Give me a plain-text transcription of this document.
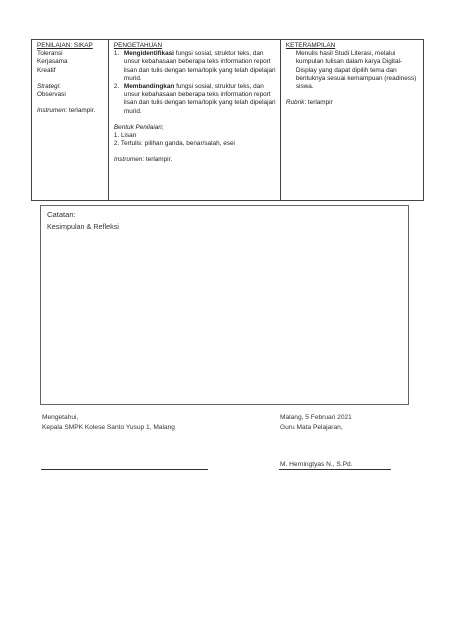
PENILAIAN: SIKAP
Toleransi
Kerjasama
Kreatif
Strategi:
Observasi
Instrumen: terlampir.

PENGETAHUAN
1. Mengidentifikasi fungsi sosial, struktur teks, dan unsur kebahasaan beberapa teks information report lisan dan tulis dengan tema/topik yang telah dipelajari murid.
2. Membandingkan fungsi sosial, struktur teks, dan unsur kebahasaan beberapa teks information report lisan dan tulis dengan tema/topik yang telah dipelajari murid.
Bentuk Penilaian;
1. Lisan
2. Tertulis: pilihan ganda, benar/salah, esei
Instrumen: terlampir.

KETERAMPILAN
Menulis hasil Studi Literasi, melalui kumpulan tulisan dalam karya Digital-Display yang dapat dipilih tema dan bentuknya sesuai kemampuan (readiness) siswa.
Rubrik: terlampir
Catatan:
Kesimpulan & Refleksi
Mengetahui,
Kepala SMPK Kolese Santo Yusup 1, Malang
Malang, 5 Februari 2021
Guru Mata Pelajaran,
M. Herningtyas N., S.Pd.
